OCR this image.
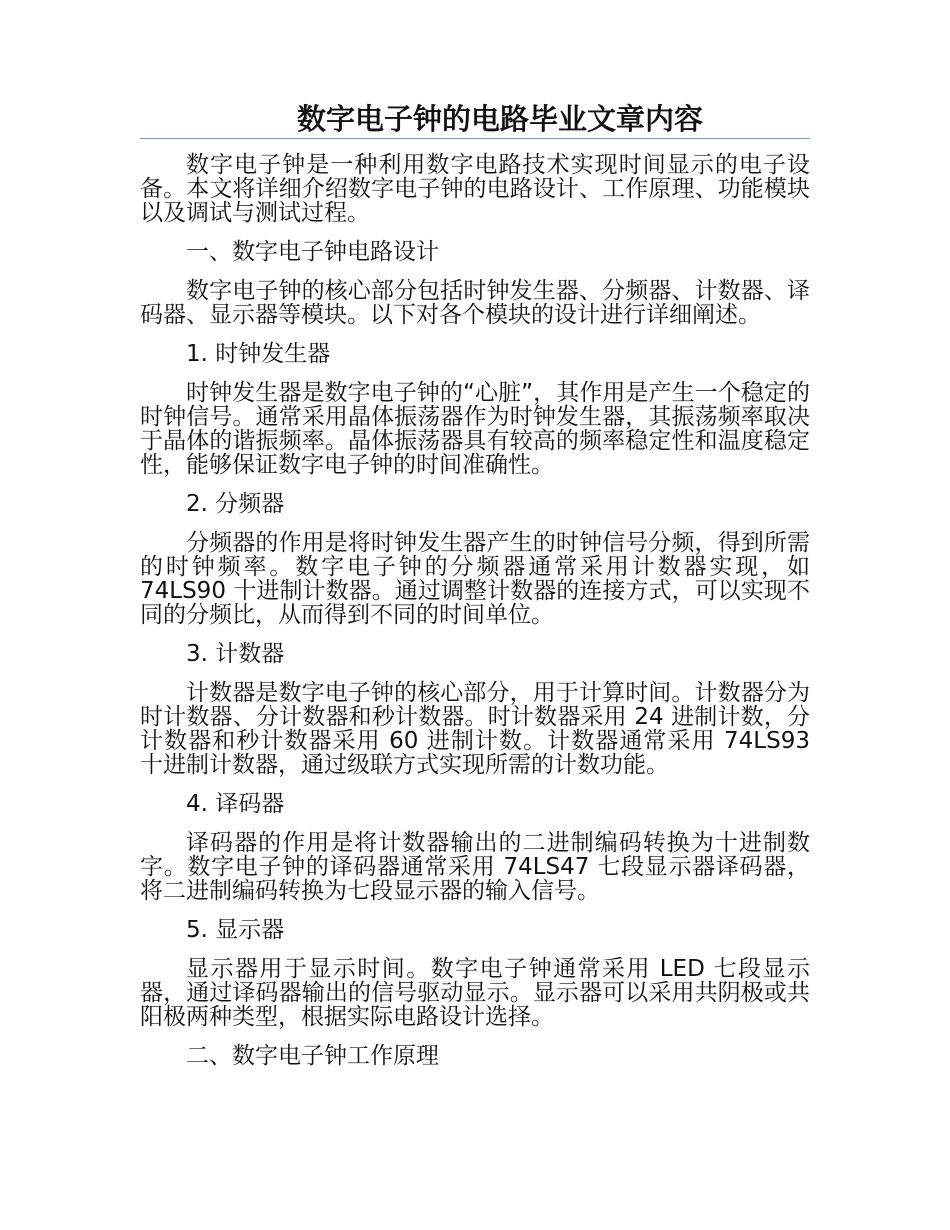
数字电子钟的电路毕业文章内容

数字电子钟是一种利用数字电路技术实现时间显示的电子设备。本文将详细介绍数字电子钟的电路设计、工作原理、功能模块以及调试与测试过程。

一、数字电子钟电路设计

数字电子钟的核心部分包括时钟发生器、分频器、计数器、译码器、显示器等模块。以下对各个模块的设计进行详细阐述。

1. 时钟发生器

时钟发生器是数字电子钟的“心脏”，其作用是产生一个稳定的时钟信号。通常采用晶体振荡器作为时钟发生器，其振荡频率取决于晶体的谐振频率。晶体振荡器具有较高的频率稳定性和温度稳定性，能够保证数字电子钟的时间准确性。

2. 分频器

分频器的作用是将时钟发生器产生的时钟信号分频，得到所需的时钟频率。数字电子钟的分频器通常采用计数器实现，如 74LS90 十进制计数器。通过调整计数器的连接方式，可以实现不同的分频比，从而得到不同的时间单位。

3. 计数器

计数器是数字电子钟的核心部分，用于计算时间。计数器分为时计数器、分计数器和秒计数器。时计数器采用 24 进制计数，分计数器和秒计数器采用 60 进制计数。计数器通常采用 74LS93 十进制计数器，通过级联方式实现所需的计数功能。

4. 译码器

译码器的作用是将计数器输出的二进制编码转换为十进制数字。数字电子钟的译码器通常采用 74LS47 七段显示器译码器，将二进制编码转换为七段显示器的输入信号。

5. 显示器

显示器用于显示时间。数字电子钟通常采用 LED 七段显示器，通过译码器输出的信号驱动显示。显示器可以采用共阴极或共阳极两种类型，根据实际电路设计选择。

二、数字电子钟工作原理
